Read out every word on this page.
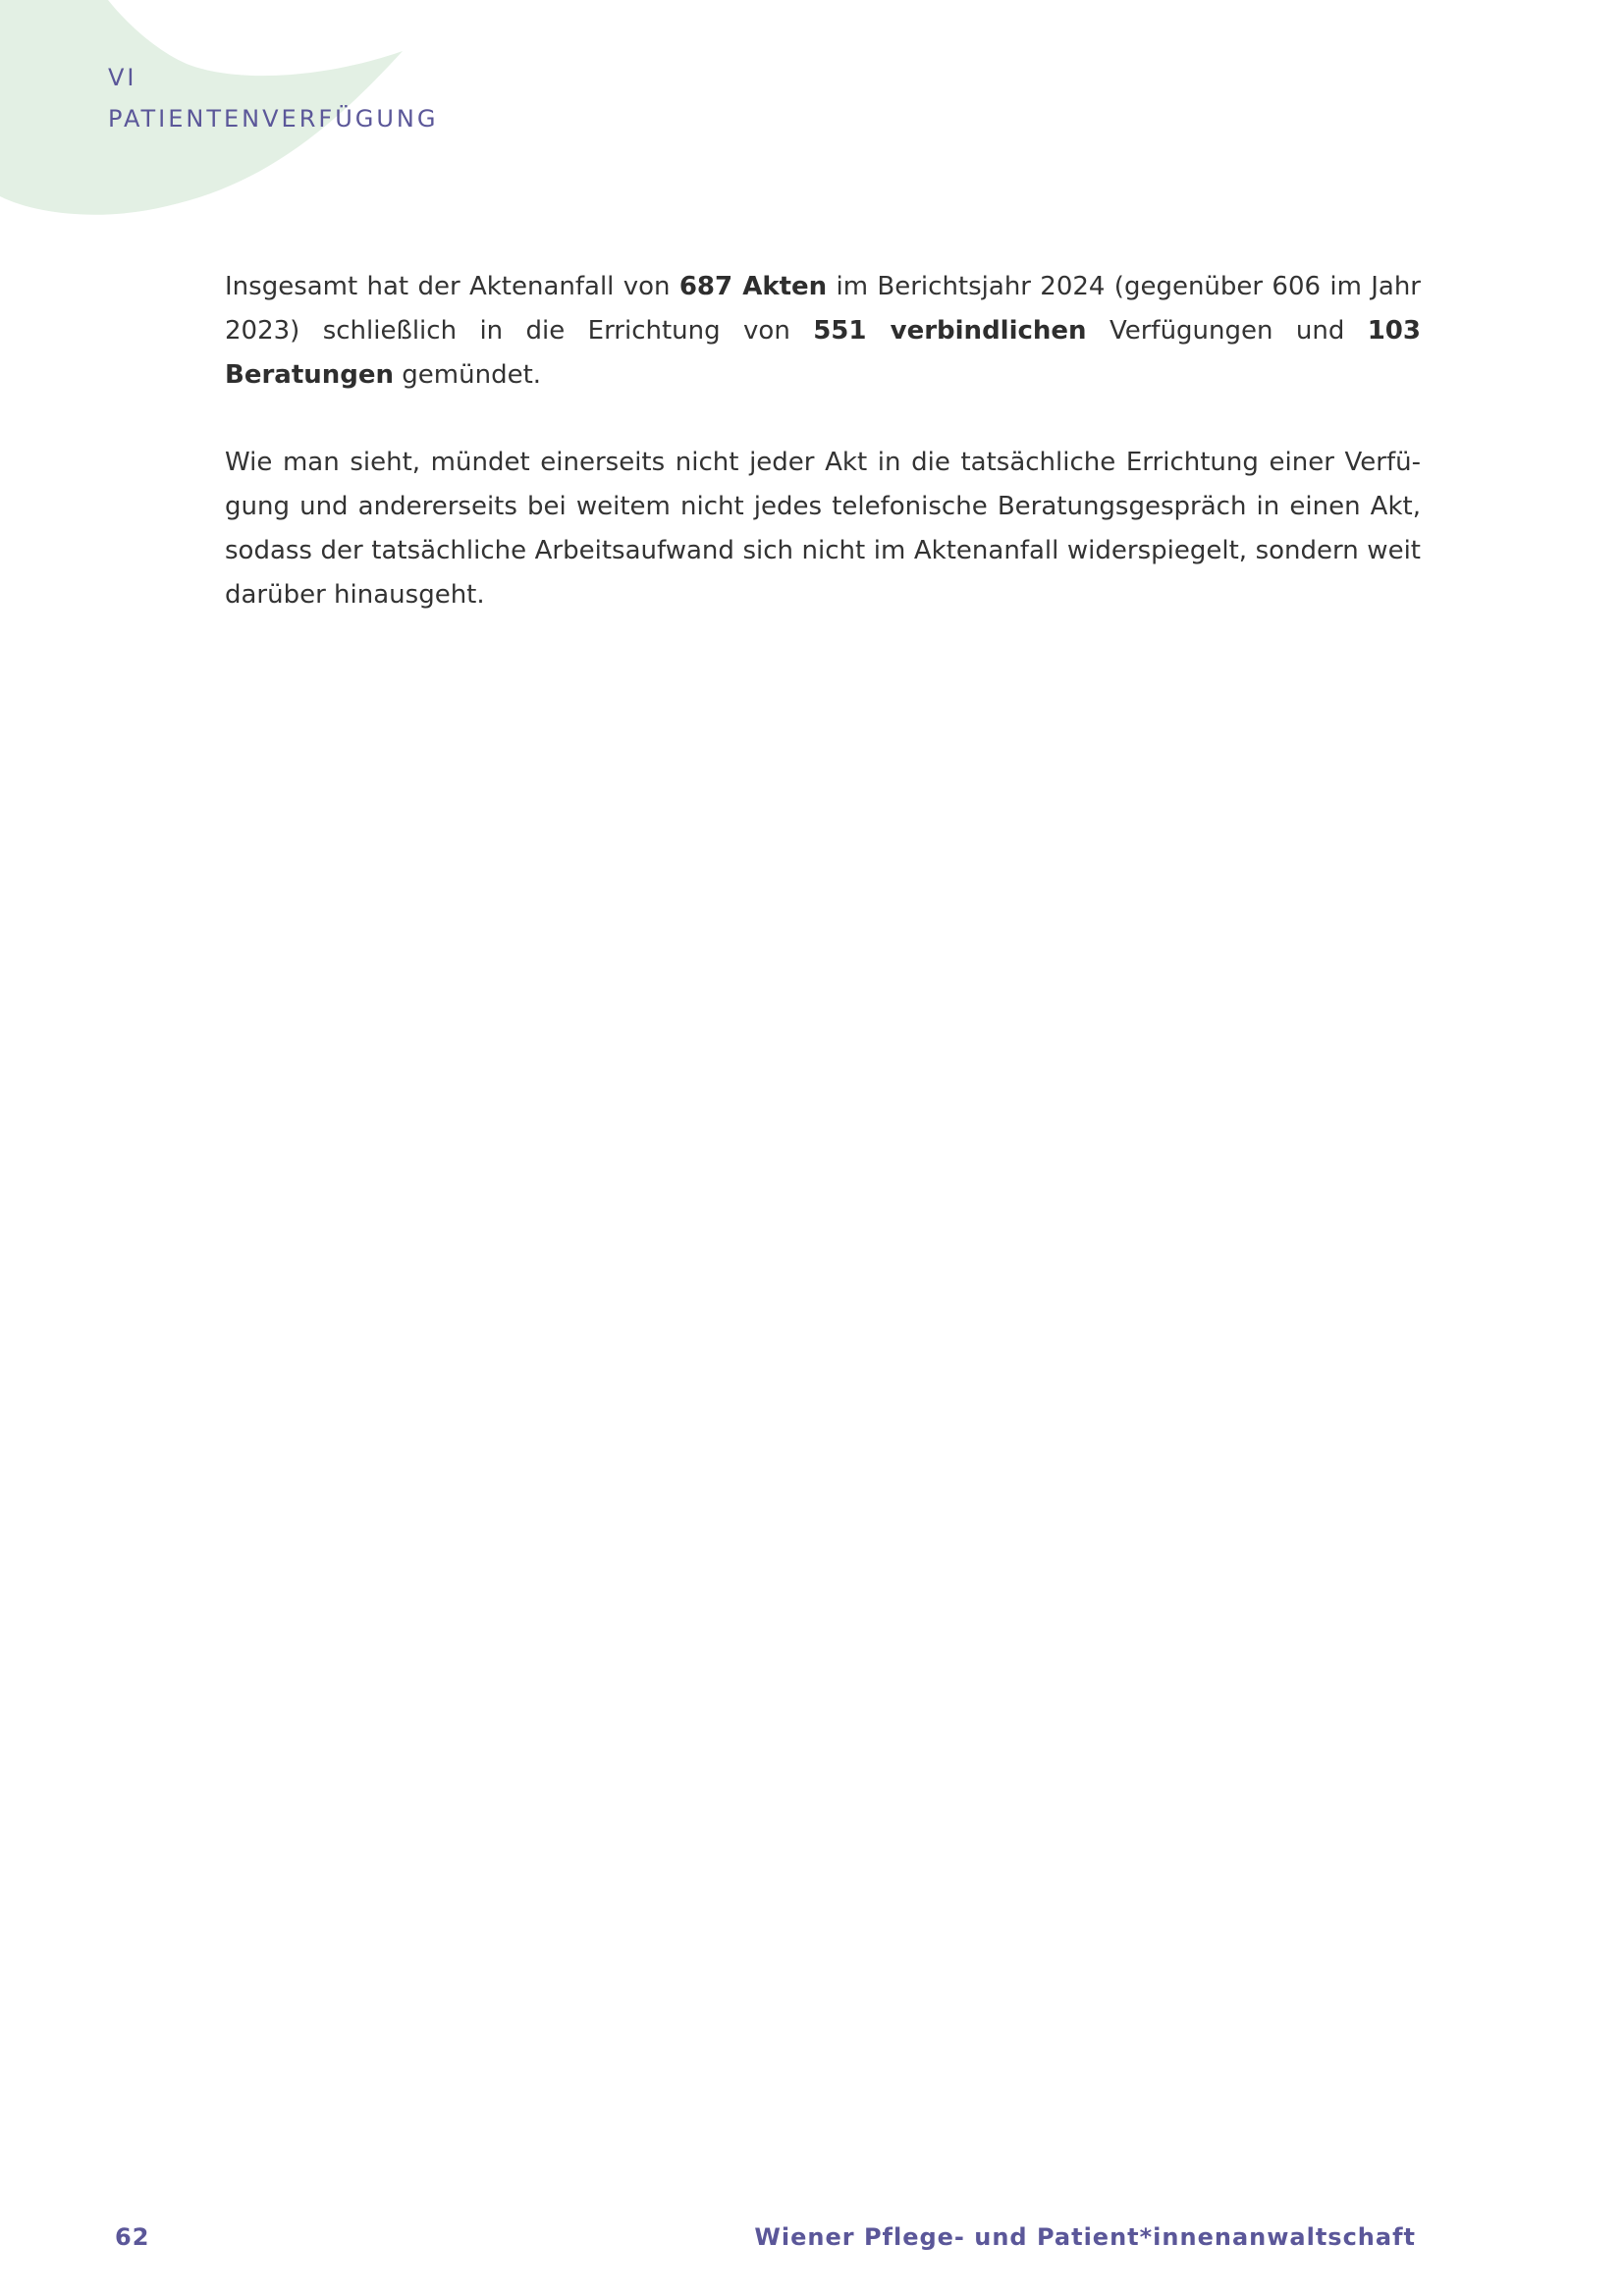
VI
PATIENTENVERFÜGUNG

Insgesamt hat der Aktenanfall von 687 Akten im Berichtsjahr 2024 (gegenüber 606 im Jahr 2023) schließlich in die Errichtung von 551 verbindlichen Verfügungen und 103 Beratungen gemündet.

Wie man sieht, mündet einerseits nicht jeder Akt in die tatsächliche Errichtung einer Verfügung und andererseits bei weitem nicht jedes telefonische Beratungsgespräch in einen Akt, sodass der tatsächliche Arbeitsaufwand sich nicht im Aktenanfall widerspiegelt, sondern weit darüber hinausgeht.

62	Wiener Pflege- und Patient*innenanwaltschaft
